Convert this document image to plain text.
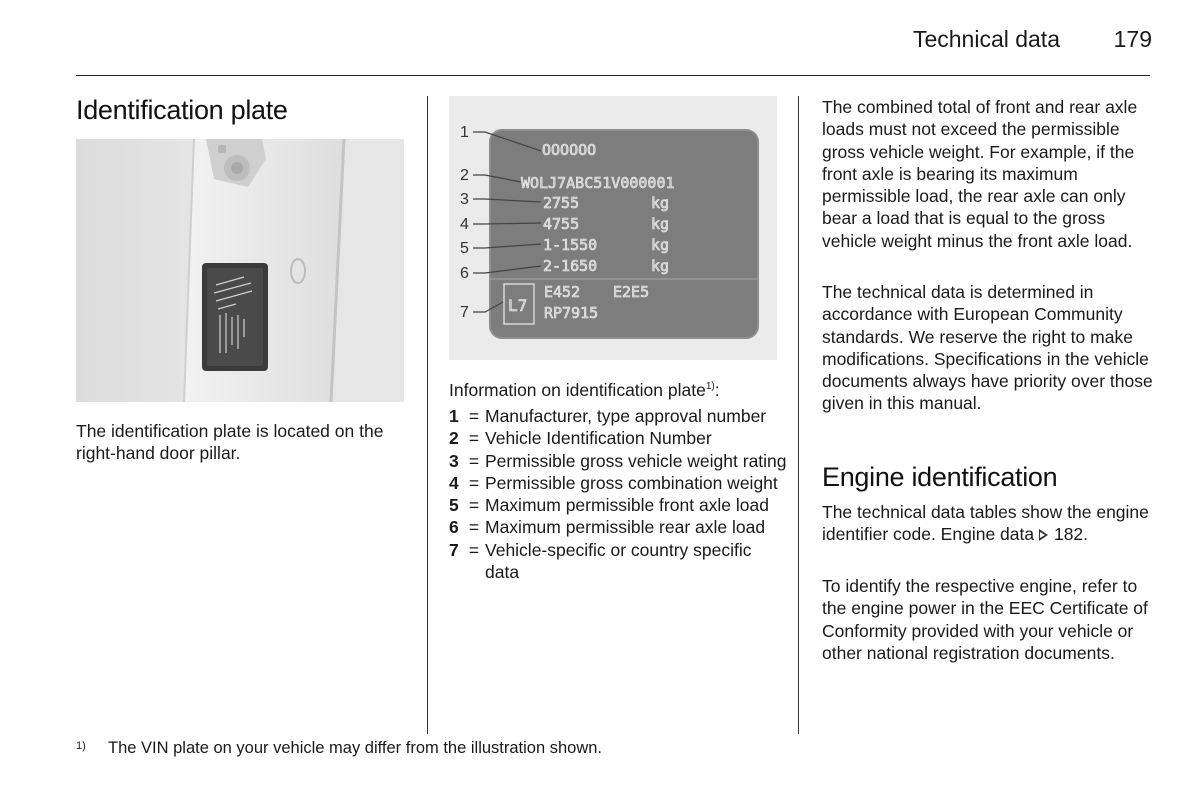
Technical data	179
Identification plate
The identification plate is located on the right-hand door pillar.
OOOOOO
WOLJ7ABC51V000001
2755
4755
1-1550
2-1650
kg
kg
kg
kg
E452 E2E5
RP7915
L7
1
2
3
4
5
6
7
Information on identification plate$^{1)}$:
1 = Manufacturer, type approval number
2 = Vehicle Identification Number
3 = Permissible gross vehicle weight rating
4 = Permissible gross combination weight
5 = Maximum permissible front axle load
6 = Maximum permissible rear axle load
7 = Vehicle-specific or country specific data
The combined total of front and rear axle loads must not exceed the permissible gross vehicle weight. For example, if the front axle is bearing its maximum permissible load, the rear axle can only bear a load that is equal to the gross vehicle weight minus the front axle load.
The technical data is determined in accordance with European Community standards. We reserve the right to make modifications. Specifications in the vehicle documents always have priority over those given in this manual.
Engine identification
The technical data tables show the engine identifier code. Engine data 182.
To identify the respective engine, refer to the engine power in the EEC Certificate of Conformity provided with your vehicle or other national registration documents.
1) The VIN plate on your vehicle may differ from the illustration shown.
